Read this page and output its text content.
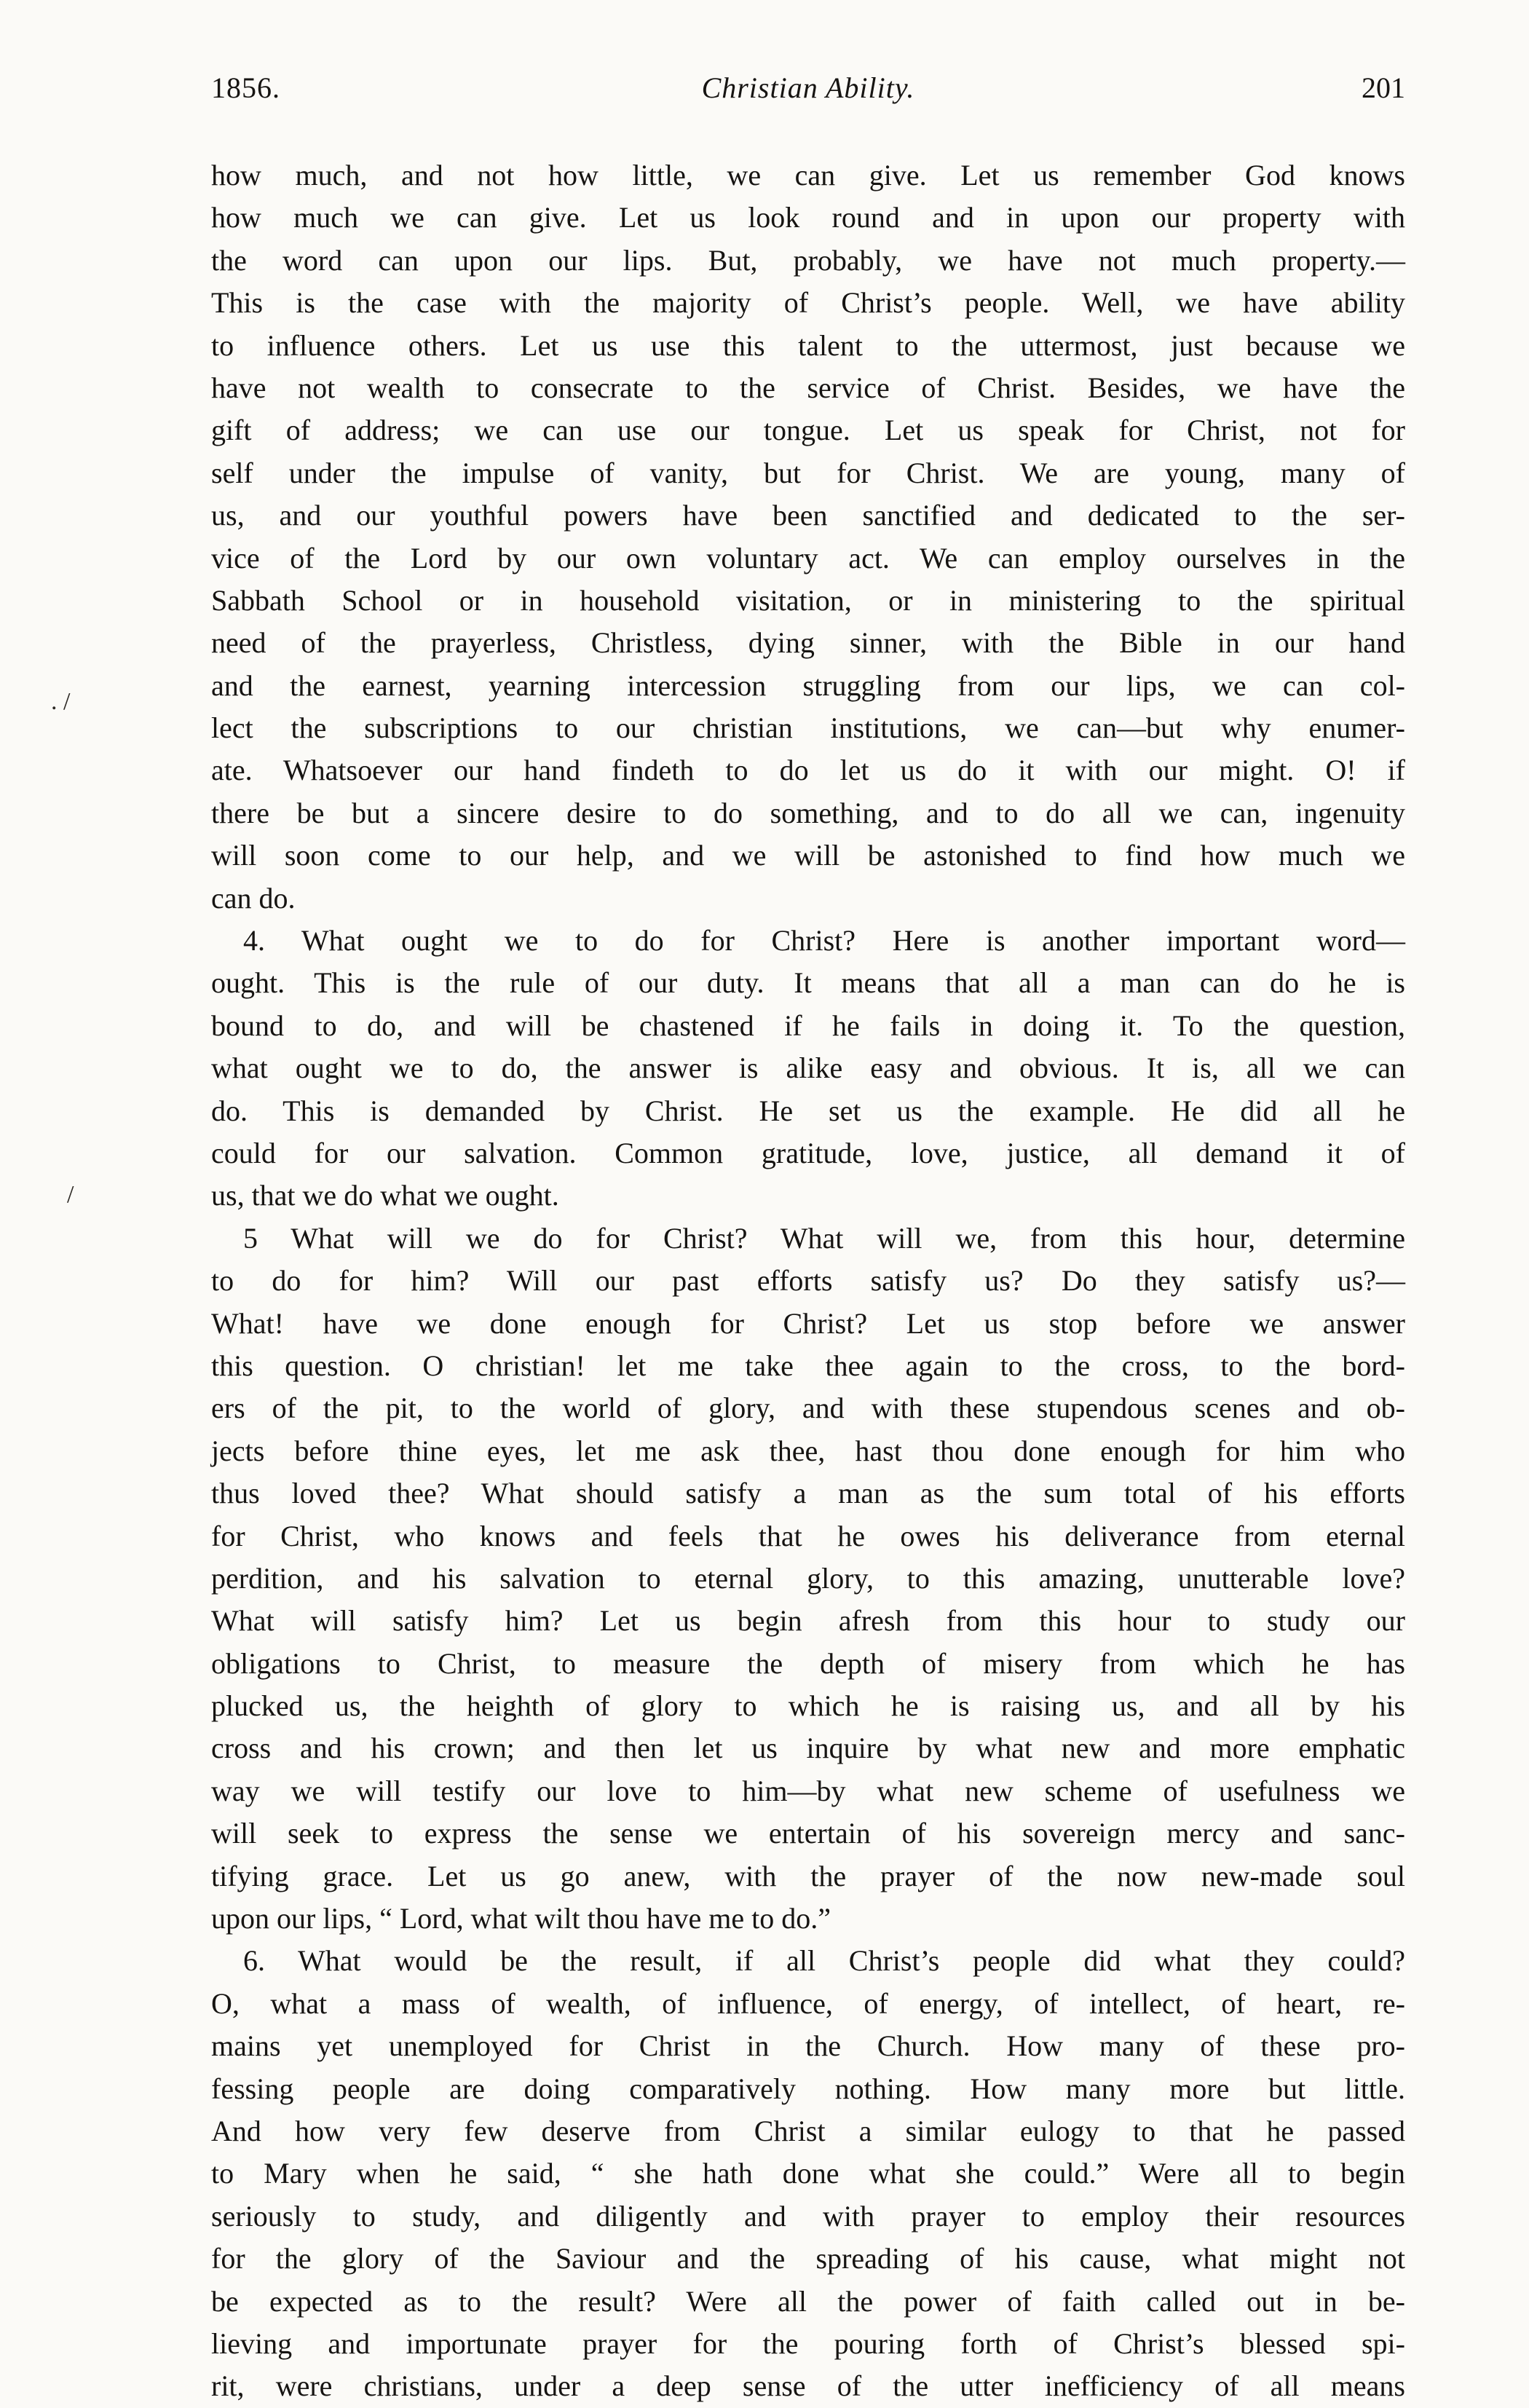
1856.	Christian Ability.	201
how much, and not how little, we can give. Let us remember God knows
how much we can give. Let us look round and in upon our property with
the word can upon our lips. But, probably, we have not much property.—
This is the case with the majority of Christ’s people. Well, we have ability
to influence others. Let us use this talent to the uttermost, just because we
have not wealth to consecrate to the service of Christ. Besides, we have the
gift of address; we can use our tongue. Let us speak for Christ, not for
self under the impulse of vanity, but for Christ. We are young, many of
us, and our youthful powers have been sanctified and dedicated to the ser-
vice of the Lord by our own voluntary act. We can employ ourselves in the
Sabbath School or in household visitation, or in ministering to the spiritual
need of the prayerless, Christless, dying sinner, with the Bible in our hand
and the earnest, yearning intercession struggling from our lips, we can col-
lect the subscriptions to our christian institutions, we can—but why enumer-
ate. Whatsoever our hand findeth to do let us do it with our might. O! if
there be but a sincere desire to do something, and to do all we can, ingenuity
will soon come to our help, and we will be astonished to find how much we
can do.
4. What ought we to do for Christ? Here is another important word—
ought. This is the rule of our duty. It means that all a man can do he is
bound to do, and will be chastened if he fails in doing it. To the question,
what ought we to do, the answer is alike easy and obvious. It is, all we can
do. This is demanded by Christ. He set us the example. He did all he
could for our salvation. Common gratitude, love, justice, all demand it of
us, that we do what we ought.
5 What will we do for Christ? What will we, from this hour, determine
to do for him? Will our past efforts satisfy us? Do they satisfy us?—
What! have we done enough for Christ? Let us stop before we answer
this question. O christian! let me take thee again to the cross, to the bord-
ers of the pit, to the world of glory, and with these stupendous scenes and ob-
jects before thine eyes, let me ask thee, hast thou done enough for him who
thus loved thee? What should satisfy a man as the sum total of his efforts
for Christ, who knows and feels that he owes his deliverance from eternal
perdition, and his salvation to eternal glory, to this amazing, unutterable love?
What will satisfy him? Let us begin afresh from this hour to study our
obligations to Christ, to measure the depth of misery from which he has
plucked us, the heighth of glory to which he is raising us, and all by his
cross and his crown; and then let us inquire by what new and more emphatic
way we will testify our love to him—by what new scheme of usefulness we
will seek to express the sense we entertain of his sovereign mercy and sanc-
tifying grace. Let us go anew, with the prayer of the now new-made soul
upon our lips, “ Lord, what wilt thou have me to do.”
6. What would be the result, if all Christ’s people did what they could?
O, what a mass of wealth, of influence, of energy, of intellect, of heart, re-
mains yet unemployed for Christ in the Church. How many of these pro-
fessing people are doing comparatively nothing. How many more but little.
And how very few deserve from Christ a similar eulogy to that he passed
to Mary when he said, “ she hath done what she could.” Were all to begin
seriously to study, and diligently and with prayer to employ their resources
for the glory of the Saviour and the spreading of his cause, what might not
be expected as to the result? Were all the power of faith called out in be-
lieving and importunate prayer for the pouring forth of Christ’s blessed spi-
rit, were christians, under a deep sense of the utter inefficiency of all means
. /
/
